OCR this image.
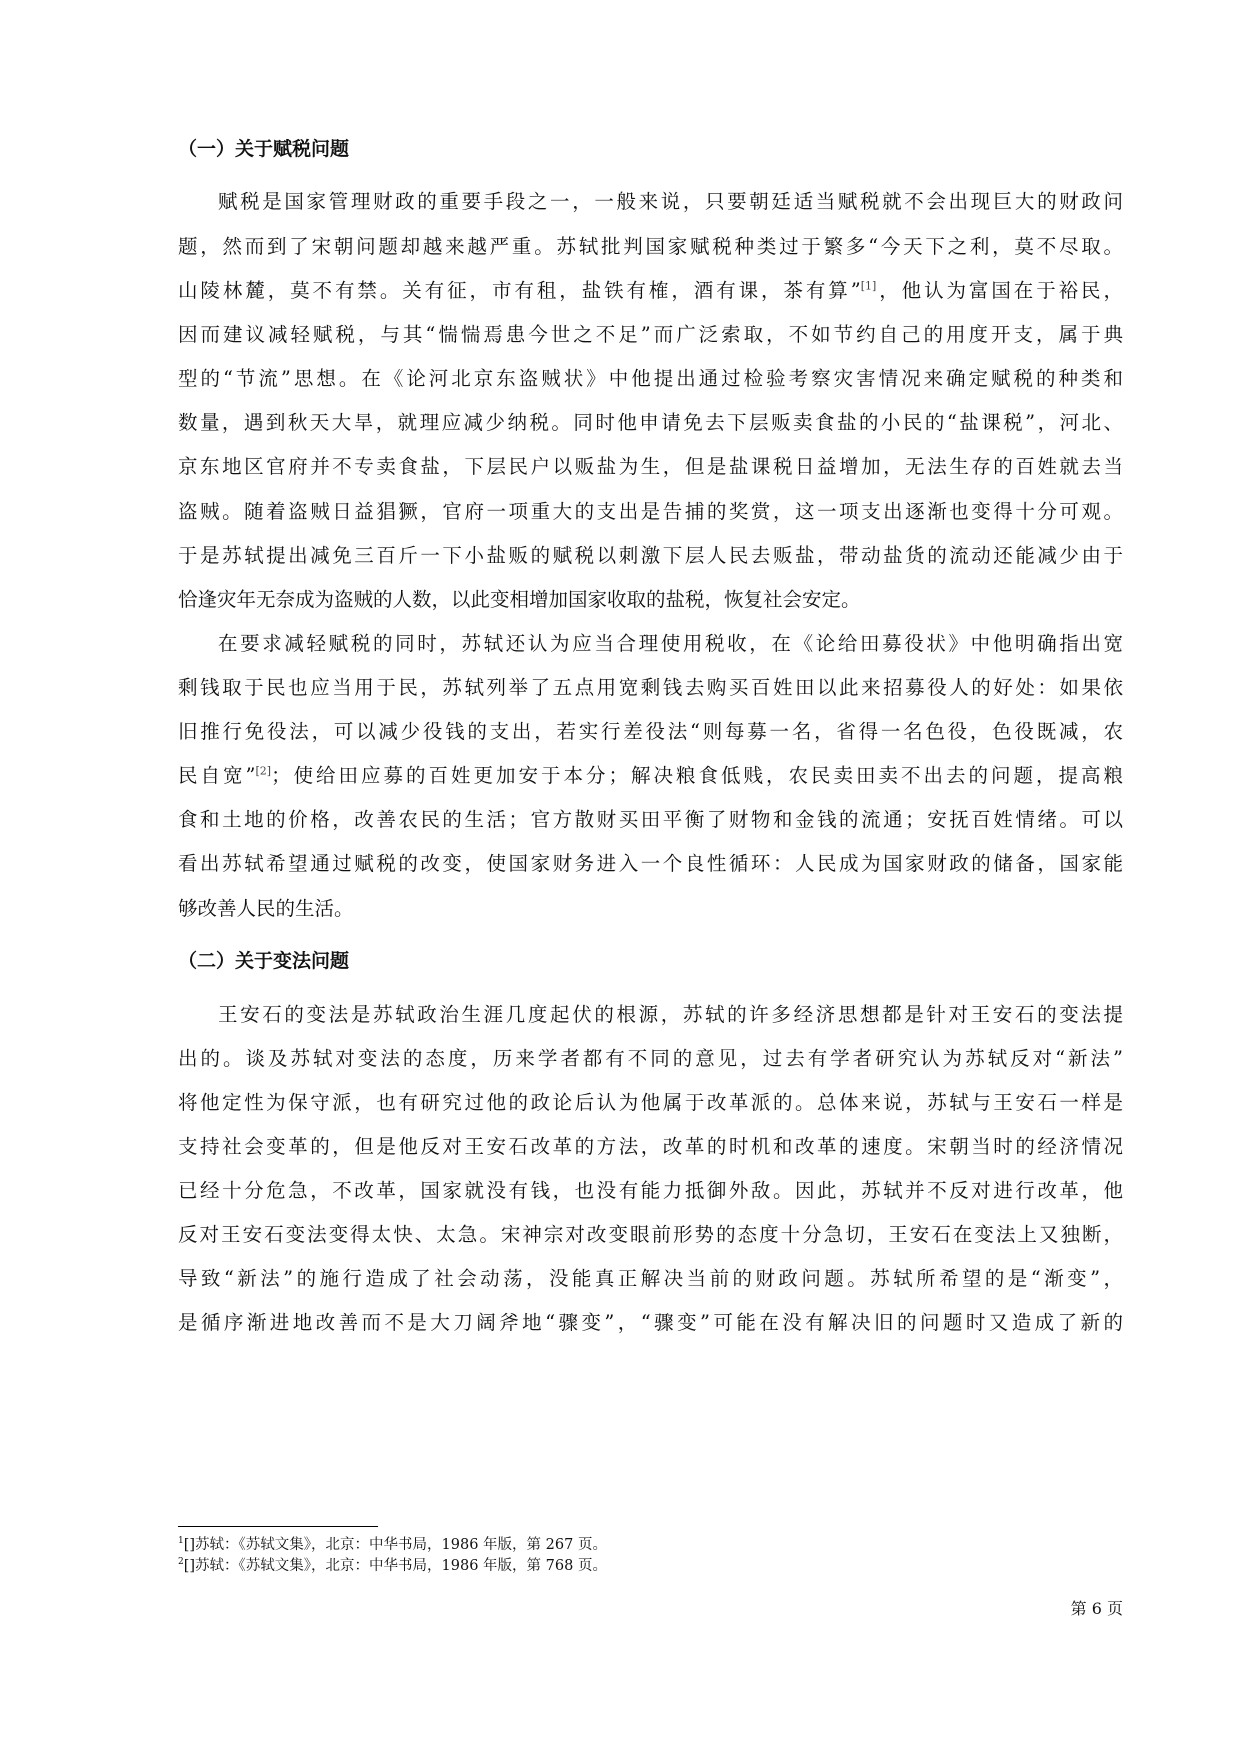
（一）关于赋税问题
赋税是国家管理财政的重要手段之一，一般来说，只要朝廷适当赋税就不会出现巨大的财政问
题，然而到了宋朝问题却越来越严重。苏轼批判国家赋税种类过于繁多“今天下之利，莫不尽取。
山陵林麓，莫不有禁。关有征，市有租，盐铁有榷，酒有课，茶有算”[1]，他认为富国在于裕民，
因而建议减轻赋税，与其“惴惴焉患今世之不足”而广泛索取，不如节约自己的用度开支，属于典
型的“节流”思想。在《论河北京东盗贼状》中他提出通过检验考察灾害情况来确定赋税的种类和
数量，遇到秋天大旱，就理应减少纳税。同时他申请免去下层贩卖食盐的小民的“盐课税”，河北、
京东地区官府并不专卖食盐，下层民户以贩盐为生，但是盐课税日益增加，无法生存的百姓就去当
盗贼。随着盗贼日益猖獗，官府一项重大的支出是告捕的奖赏，这一项支出逐渐也变得十分可观。
于是苏轼提出减免三百斤一下小盐贩的赋税以刺激下层人民去贩盐，带动盐货的流动还能减少由于
恰逢灾年无奈成为盗贼的人数，以此变相增加国家收取的盐税，恢复社会安定。
在要求减轻赋税的同时，苏轼还认为应当合理使用税收，在《论给田募役状》中他明确指出宽
剩钱取于民也应当用于民，苏轼列举了五点用宽剩钱去购买百姓田以此来招募役人的好处：如果依
旧推行免役法，可以减少役钱的支出，若实行差役法“则每募一名，省得一名色役，色役既减，农
民自宽”[2]；使给田应募的百姓更加安于本分；解决粮食低贱，农民卖田卖不出去的问题，提高粮
食和土地的价格，改善农民的生活；官方散财买田平衡了财物和金钱的流通；安抚百姓情绪。可以
看出苏轼希望通过赋税的改变，使国家财务进入一个良性循环：人民成为国家财政的储备，国家能
够改善人民的生活。
（二）关于变法问题
王安石的变法是苏轼政治生涯几度起伏的根源，苏轼的许多经济思想都是针对王安石的变法提
出的。谈及苏轼对变法的态度，历来学者都有不同的意见，过去有学者研究认为苏轼反对“新法”
将他定性为保守派，也有研究过他的政论后认为他属于改革派的。总体来说，苏轼与王安石一样是
支持社会变革的，但是他反对王安石改革的方法，改革的时机和改革的速度。宋朝当时的经济情况
已经十分危急，不改革，国家就没有钱，也没有能力抵御外敌。因此，苏轼并不反对进行改革，他
反对王安石变法变得太快、太急。宋神宗对改变眼前形势的态度十分急切，王安石在变法上又独断，
导致“新法”的施行造成了社会动荡，没能真正解决当前的财政问题。苏轼所希望的是“渐变”，
是循序渐进地改善而不是大刀阔斧地“骤变”，“骤变”可能在没有解决旧的问题时又造成了新的
$^1$[]苏轼：《苏轼文集》，北京：中华书局，1986 年版，第 267 页。
$^2$[]苏轼：《苏轼文集》，北京：中华书局，1986 年版，第 768 页。
第 6 页
